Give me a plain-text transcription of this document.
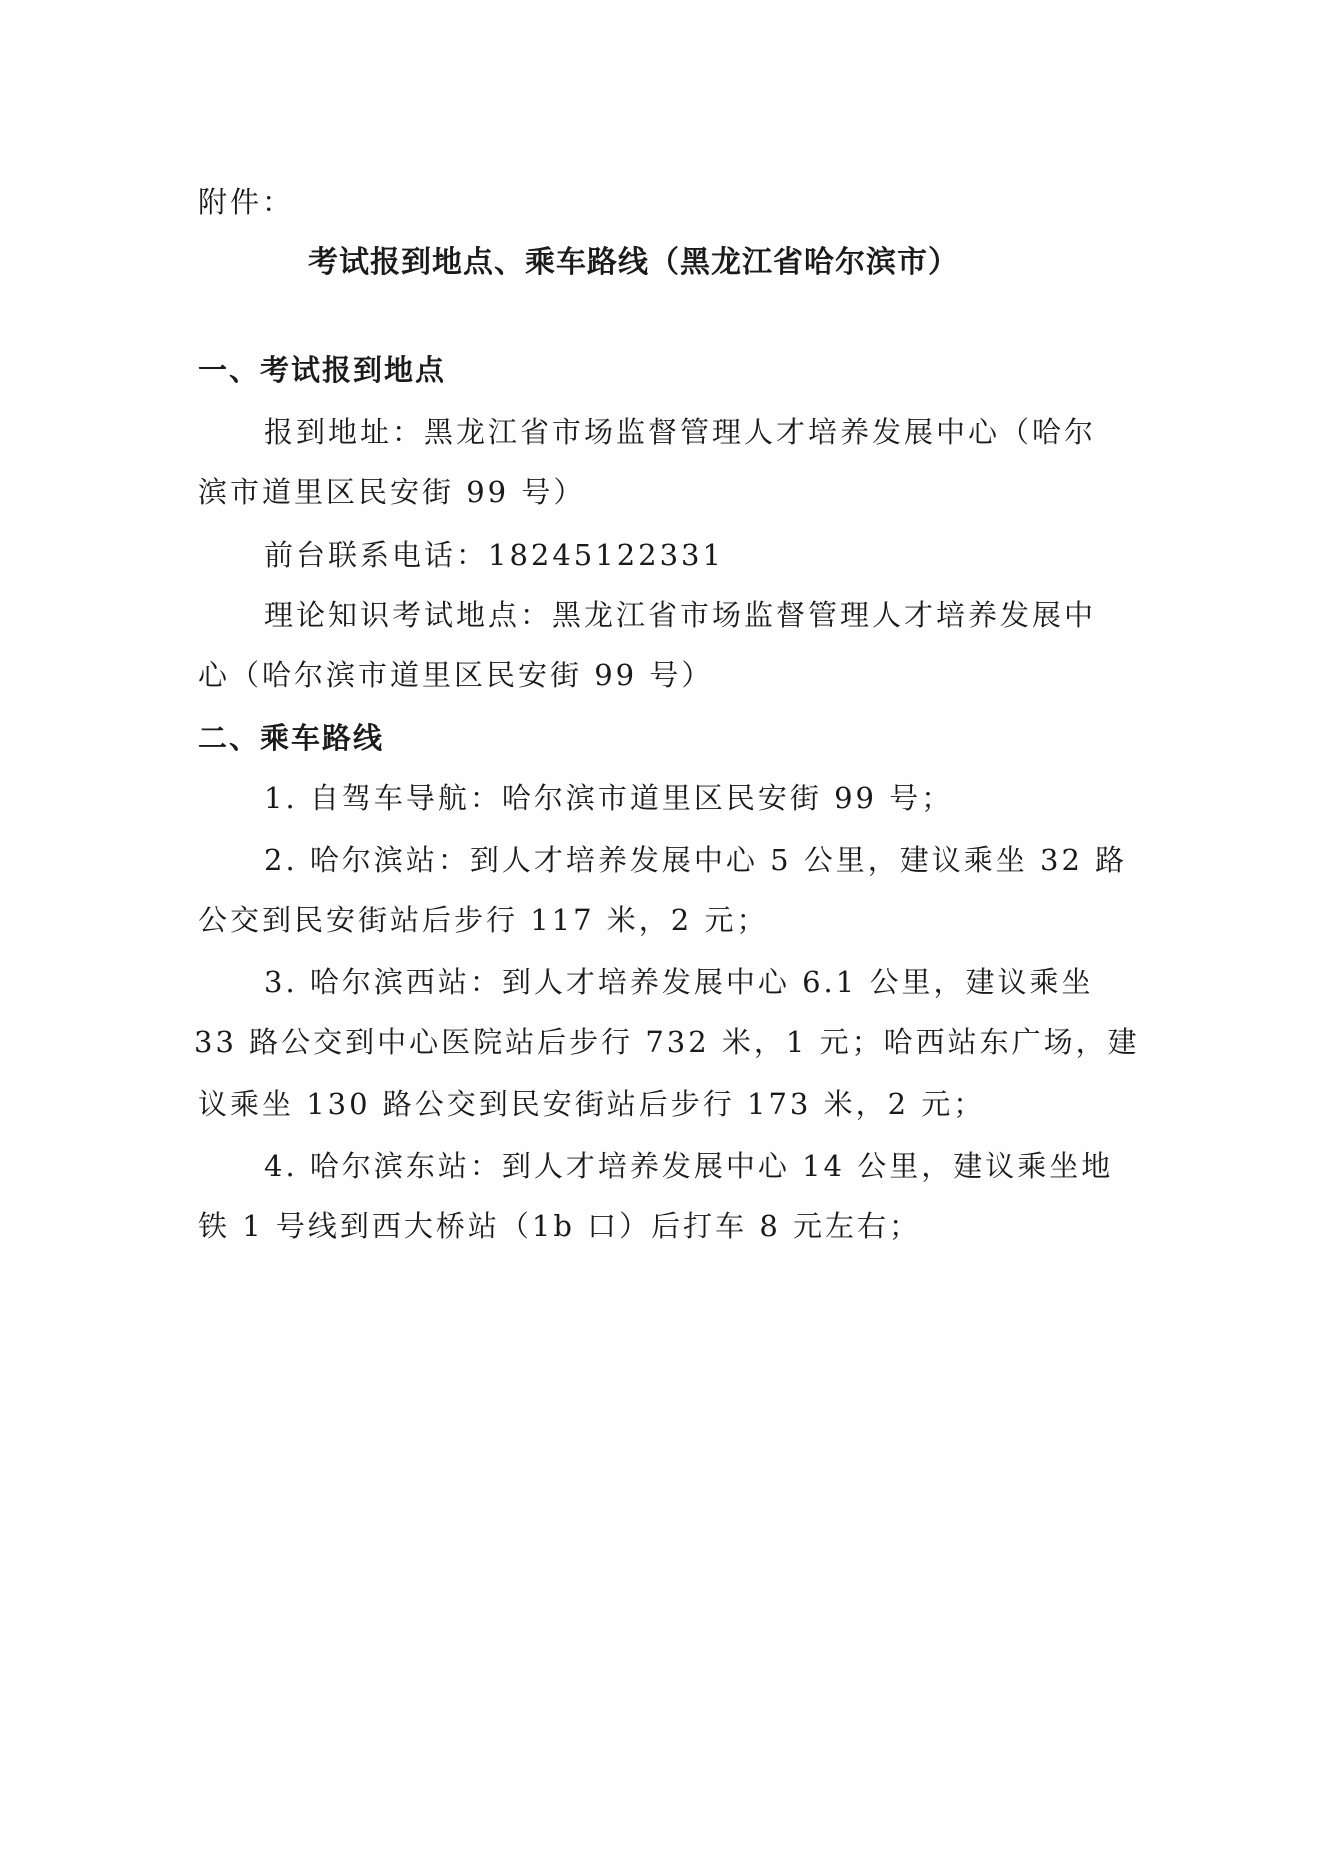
附件：
考试报到地点、乘车路线（黑龙江省哈尔滨市）
一、考试报到地点
报到地址：黑龙江省市场监督管理人才培养发展中心（哈尔
滨市道里区民安街 99 号）
前台联系电话：18245122331
理论知识考试地点：黑龙江省市场监督管理人才培养发展中
心（哈尔滨市道里区民安街 99 号）
二、乘车路线
1. 自驾车导航：哈尔滨市道里区民安街 99 号；
2. 哈尔滨站：到人才培养发展中心 5 公里，建议乘坐 32 路
公交到民安街站后步行 117 米，2 元；
3. 哈尔滨西站：到人才培养发展中心 6.1 公里，建议乘坐
33 路公交到中心医院站后步行 732 米，1 元；哈西站东广场，建
议乘坐 130 路公交到民安街站后步行 173 米，2 元；
4. 哈尔滨东站：到人才培养发展中心 14 公里，建议乘坐地
铁 1 号线到西大桥站（1b 口）后打车 8 元左右；
